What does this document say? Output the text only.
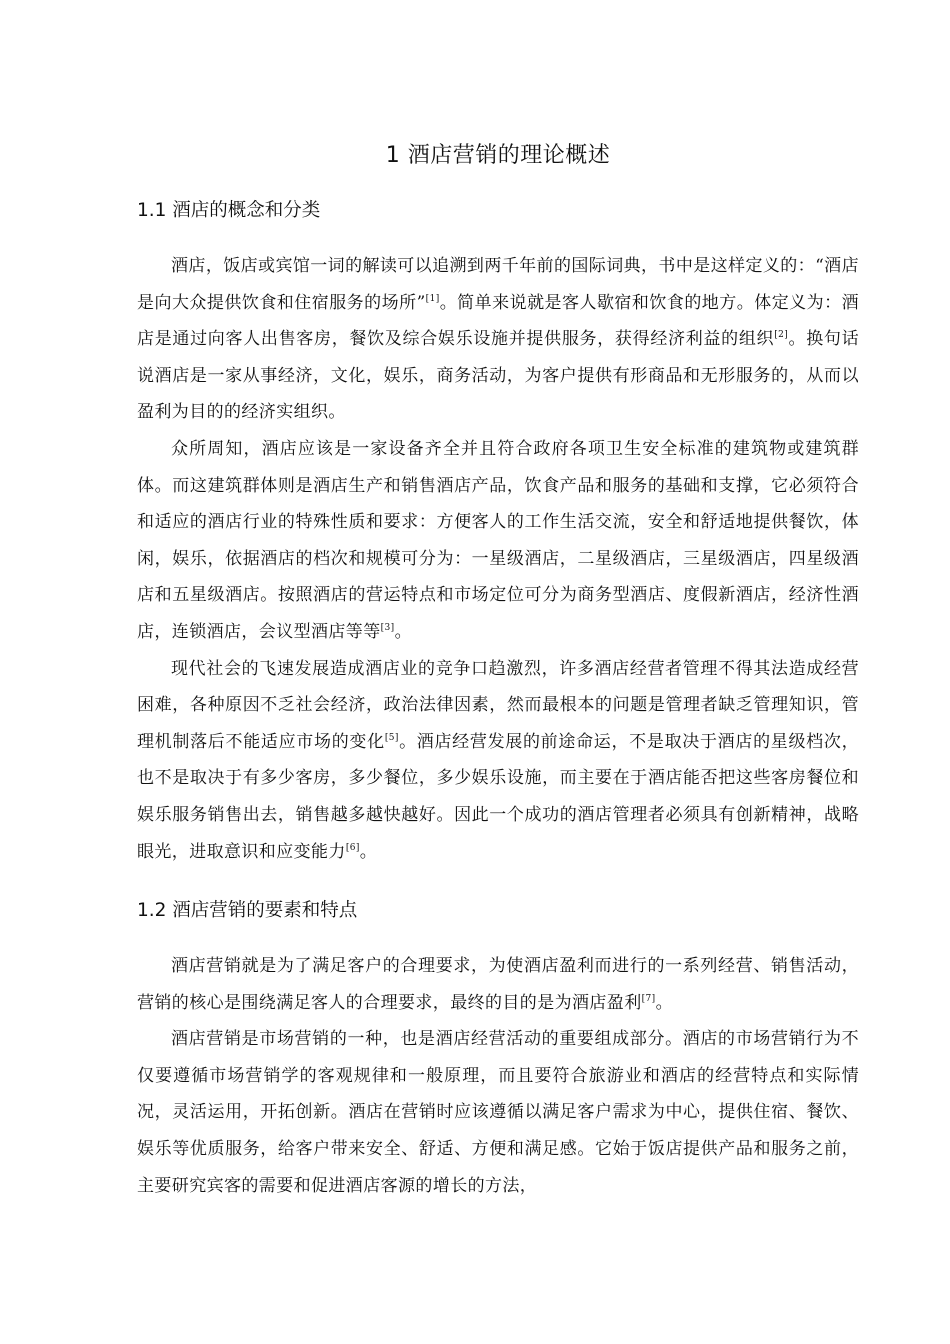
1 酒店营销的理论概述
1.1 酒店的概念和分类

酒店，饭店或宾馆一词的解读可以追溯到两千年前的国际词典，书中是这样定义的：“酒店是向大众提供饮食和住宿服务的场所”[1]。简单来说就是客人歇宿和饮食的地方。体定义为：酒店是通过向客人出售客房，餐饮及综合娱乐设施并提供服务，获得经济利益的组织[2]。换句话说酒店是一家从事经济，文化，娱乐，商务活动，为客户提供有形商品和无形服务的，从而以盈利为目的的经济实组织。

众所周知，酒店应该是一家设备齐全并且符合政府各项卫生安全标准的建筑物或建筑群体。而这建筑群体则是酒店生产和销售酒店产品，饮食产品和服务的基础和支撑，它必须符合和适应的酒店行业的特殊性质和要求：方便客人的工作生活交流，安全和舒适地提供餐饮，体闲，娱乐，依据酒店的档次和规模可分为：一星级酒店，二星级酒店，三星级酒店，四星级酒店和五星级酒店。按照酒店的营运特点和市场定位可分为商务型酒店、度假新酒店，经济性酒店，连锁酒店，会议型酒店等等[3]。

现代社会的飞速发展造成酒店业的竞争口趋激烈，许多酒店经营者管理不得其法造成经营困难，各种原因不乏社会经济，政治法律因素，然而最根本的问题是管理者缺乏管理知识，管理机制落后不能适应市场的变化[5]。酒店经营发展的前途命运，不是取决于酒店的星级档次，也不是取决于有多少客房，多少餐位，多少娱乐设施，而主要在于酒店能否把这些客房餐位和娱乐服务销售出去，销售越多越快越好。因此一个成功的酒店管理者必须具有创新精神，战略眼光，进取意识和应变能力[6]。

1.2 酒店营销的要素和特点

酒店营销就是为了满足客户的合理要求，为使酒店盈利而进行的一系列经营、销售活动，营销的核心是围绕满足客人的合理要求，最终的目的是为酒店盈利[7]。

酒店营销是市场营销的一种，也是酒店经营活动的重要组成部分。酒店的市场营销行为不仅要遵循市场营销学的客观规律和一般原理，而且要符合旅游业和酒店的经营特点和实际情况，灵活运用，开拓创新。酒店在营销时应该遵循以满足客户需求为中心，提供住宿、餐饮、娱乐等优质服务，给客户带来安全、舒适、方便和满足感。它始于饭店提供产品和服务之前，主要研究宾客的需要和促进酒店客源的增长的方法，
